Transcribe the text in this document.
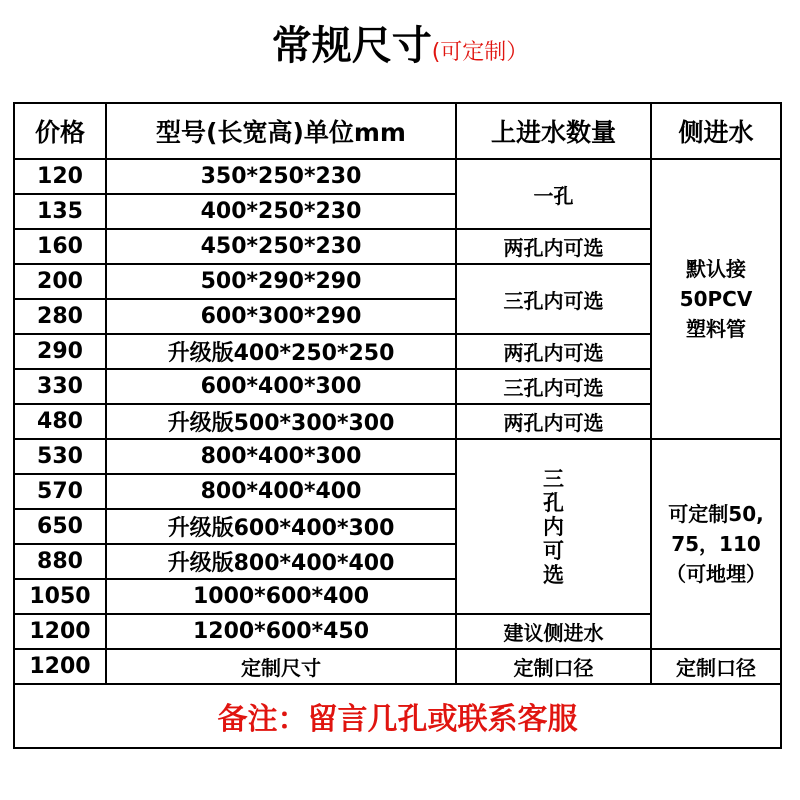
常规尺寸(可定制）
价格	型号(长宽高)单位mm	上进水数量	侧进水
120	350*250*230	一孔	默认接
50PCV
塑料管

135	400*250*230		
160	450*250*230	两孔内可选	
200	500*290*290	三孔内可选	
280	600*300*290		
290	升级版400*250*250	两孔内可选	
330	600*400*300	三孔内可选	
480	升级版500*300*300	两孔内可选	
530	800*400*300	三孔内可选	可定制50,
75，110
（可地埋）

570	800*400*400		
650	升级版600*400*300		
880	升级版800*400*400		
1050	1000*600*400		
1200	1200*600*450	建议侧进水	
1200	定制尺寸	定制口径	定制口径
备注：留言几孔或联系客服			
